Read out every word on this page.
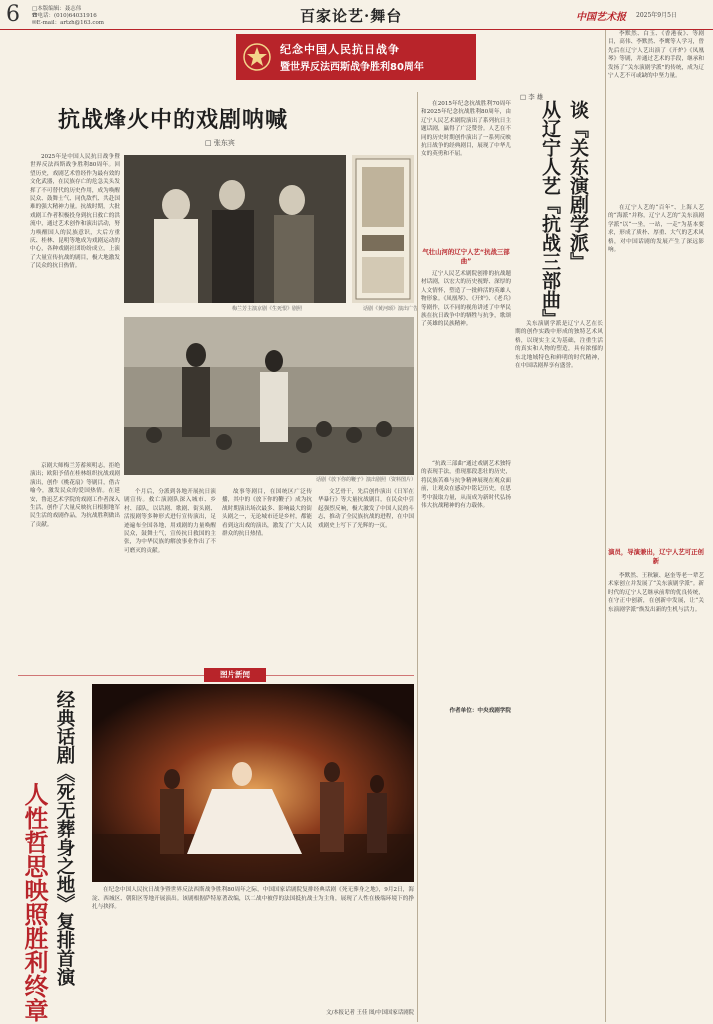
6 □本版编辑：聂志伟
☎电话：(010)64031916
✉E-mail：artzh@163.com	百家论艺·舞台	中国艺术报 2025年9月5日
纪念中国人民抗日战争
暨世界反法西斯战争胜利80周年
抗战烽火中的戏剧呐喊
□ 张东宾

2025年是中国人民抗日战争暨世界反法西斯战争胜利80周年。回望历史，戏剧艺术曾经作为最有效的文化武器，在民族存亡的危急关头发挥了不可替代的历史作用，成为唤醒民众、鼓舞士气、同仇敌忾、共赴国难的强大精神力量。抗战时期，大批戏剧工作者积极投身到抗日救亡的洪流中，通过艺术创作和演出活动，努力唤醒国人的民族意识，大后方重庆、桂林、昆明等地成为戏剧运动的中心，各种戏剧社团纷纷成立，上演了大量宣传抗战的剧目，极大地激发了民众的抗日热情。

京剧大师梅兰芳蓄须明志，拒绝演出；欧阳予倩在桂林组织抗战戏剧演出，创作《桃花扇》等剧目，借古喻今，激发民众的爱国热情。在延安，鲁迅艺术学院的戏剧工作者深入生活，创作了大量反映抗日根据地军民生活的戏剧作品，为抗战胜利做出了贡献。

梅兰芳主演京剧《生死恨》剧照	话剧《黄河颂》演出广告
话剧《放下你的鞭子》演出剧照（资料图片）

个月后，分派到各地开展抗日演剧宣传。救亡演剧队深入城市、乡村、部队，以话剧、歌剧、街头剧、活报剧等多种形式进行宣传演出，足迹遍布全国各地，用戏剧的力量唤醒民众，鼓舞士气，宣传抗日救国的主张，为中华民族的解放事业作出了不可磨灭的贡献。

故事等剧目，在国统区广泛传播，其中的《放下你的鞭子》成为抗战时期演出场次最多、影响最大的街头剧之一，无论城市还是乡村，都能看到这出戏的演出，激发了广大人民群众的抗日热情。

文艺骨干，先后创作演出《日军在华暴行》等大量抗战剧目，在民众中引起强烈反响，极大激发了中国人民的斗志，推动了全民族抗战的进程，在中国戏剧史上写下了光辉的一页。

在2015年纪念抗战胜利70周年和2025年纪念抗战胜利80周年，由辽宁人民艺术剧院演出了系列抗日主题话剧，赢得了广泛赞誉。人艺在不同的历史时期创作演出了一系列反映抗日战争的经典剧目，展现了中华儿女的英勇和不屈。

气壮山河的辽宁人艺“抗战三部曲”

辽宁人民艺术剧院创排的抗战题材话剧，以宏大的历史视野、深厚的人文情怀，塑造了一批鲜活的英雄人物形象。《凤凰琴》、《开炉》、《老兵》等剧作，以不同的视角讲述了中华民族在抗日战争中的牺牲与抗争，歌颂了英雄的民族精神。

“抗战三部曲”通过戏剧艺术独特的表现手法，重现那段悲壮的历史，将民族苦难与抗争精神展现在观众面前，让观众在感动中铭记历史，在思考中汲取力量，从而成为新时代弘扬伟大抗战精神的有力载体。

作者单位：中央戏剧学院

关东演剧学派是辽宁人艺在长期的创作实践中形成的独特艺术风格，以现实主义为基础，注重生活的真实和人物的塑造，具有浓郁的东北地域特色和鲜明的时代精神，在中国话剧界享有盛誉。

□ 李 雄
谈『关东演剧学派』
从辽宁人艺『抗战三部曲』

李默然、白玉、《香港夜》、等剧目，高伟、李默然、李鹰等人学习，曾先后在辽宁人艺出演了《开炉》《凤凰琴》等剧，并通过艺术的手段，继承和发扬了“关东演剧学派”的传统，成为辽宁人艺不可或缺的中坚力量。

在辽宁人艺的“百年”、上海人艺的“海派”并称，辽宁人艺的“关东演剧学派”以“一坐，一站，一走”为基本要求，形成了质朴、厚重、大气的艺术风格，对中国话剧的发展产生了深远影响。

演员，导演兼出，辽宁人艺可正创新

李默然、王秋颖、赵奎等老一辈艺术家创立并发展了“关东演剧学派”。新时代的辽宁人艺继承前辈的优良传统，在守正中创新，在创新中发展，让“关东演剧学派”焕发出新的生机与活力。

经典话剧《死无葬身之地》复排首演
人性哲思映照胜利终章	在纪念中国人民抗日战争暨世界反法西斯战争胜利80周年之际，中国国家话剧院复排经典话剧《死无葬身之地》，9月2日，海淀、西城区、朝阳区等地开展演出。该剧根据萨特原著改编，以二战中被俘的法国抵抗战士为主角，展现了人性在极端环境下的挣扎与抉择。

文/本报记者 王佳 图/中国国家话剧院
